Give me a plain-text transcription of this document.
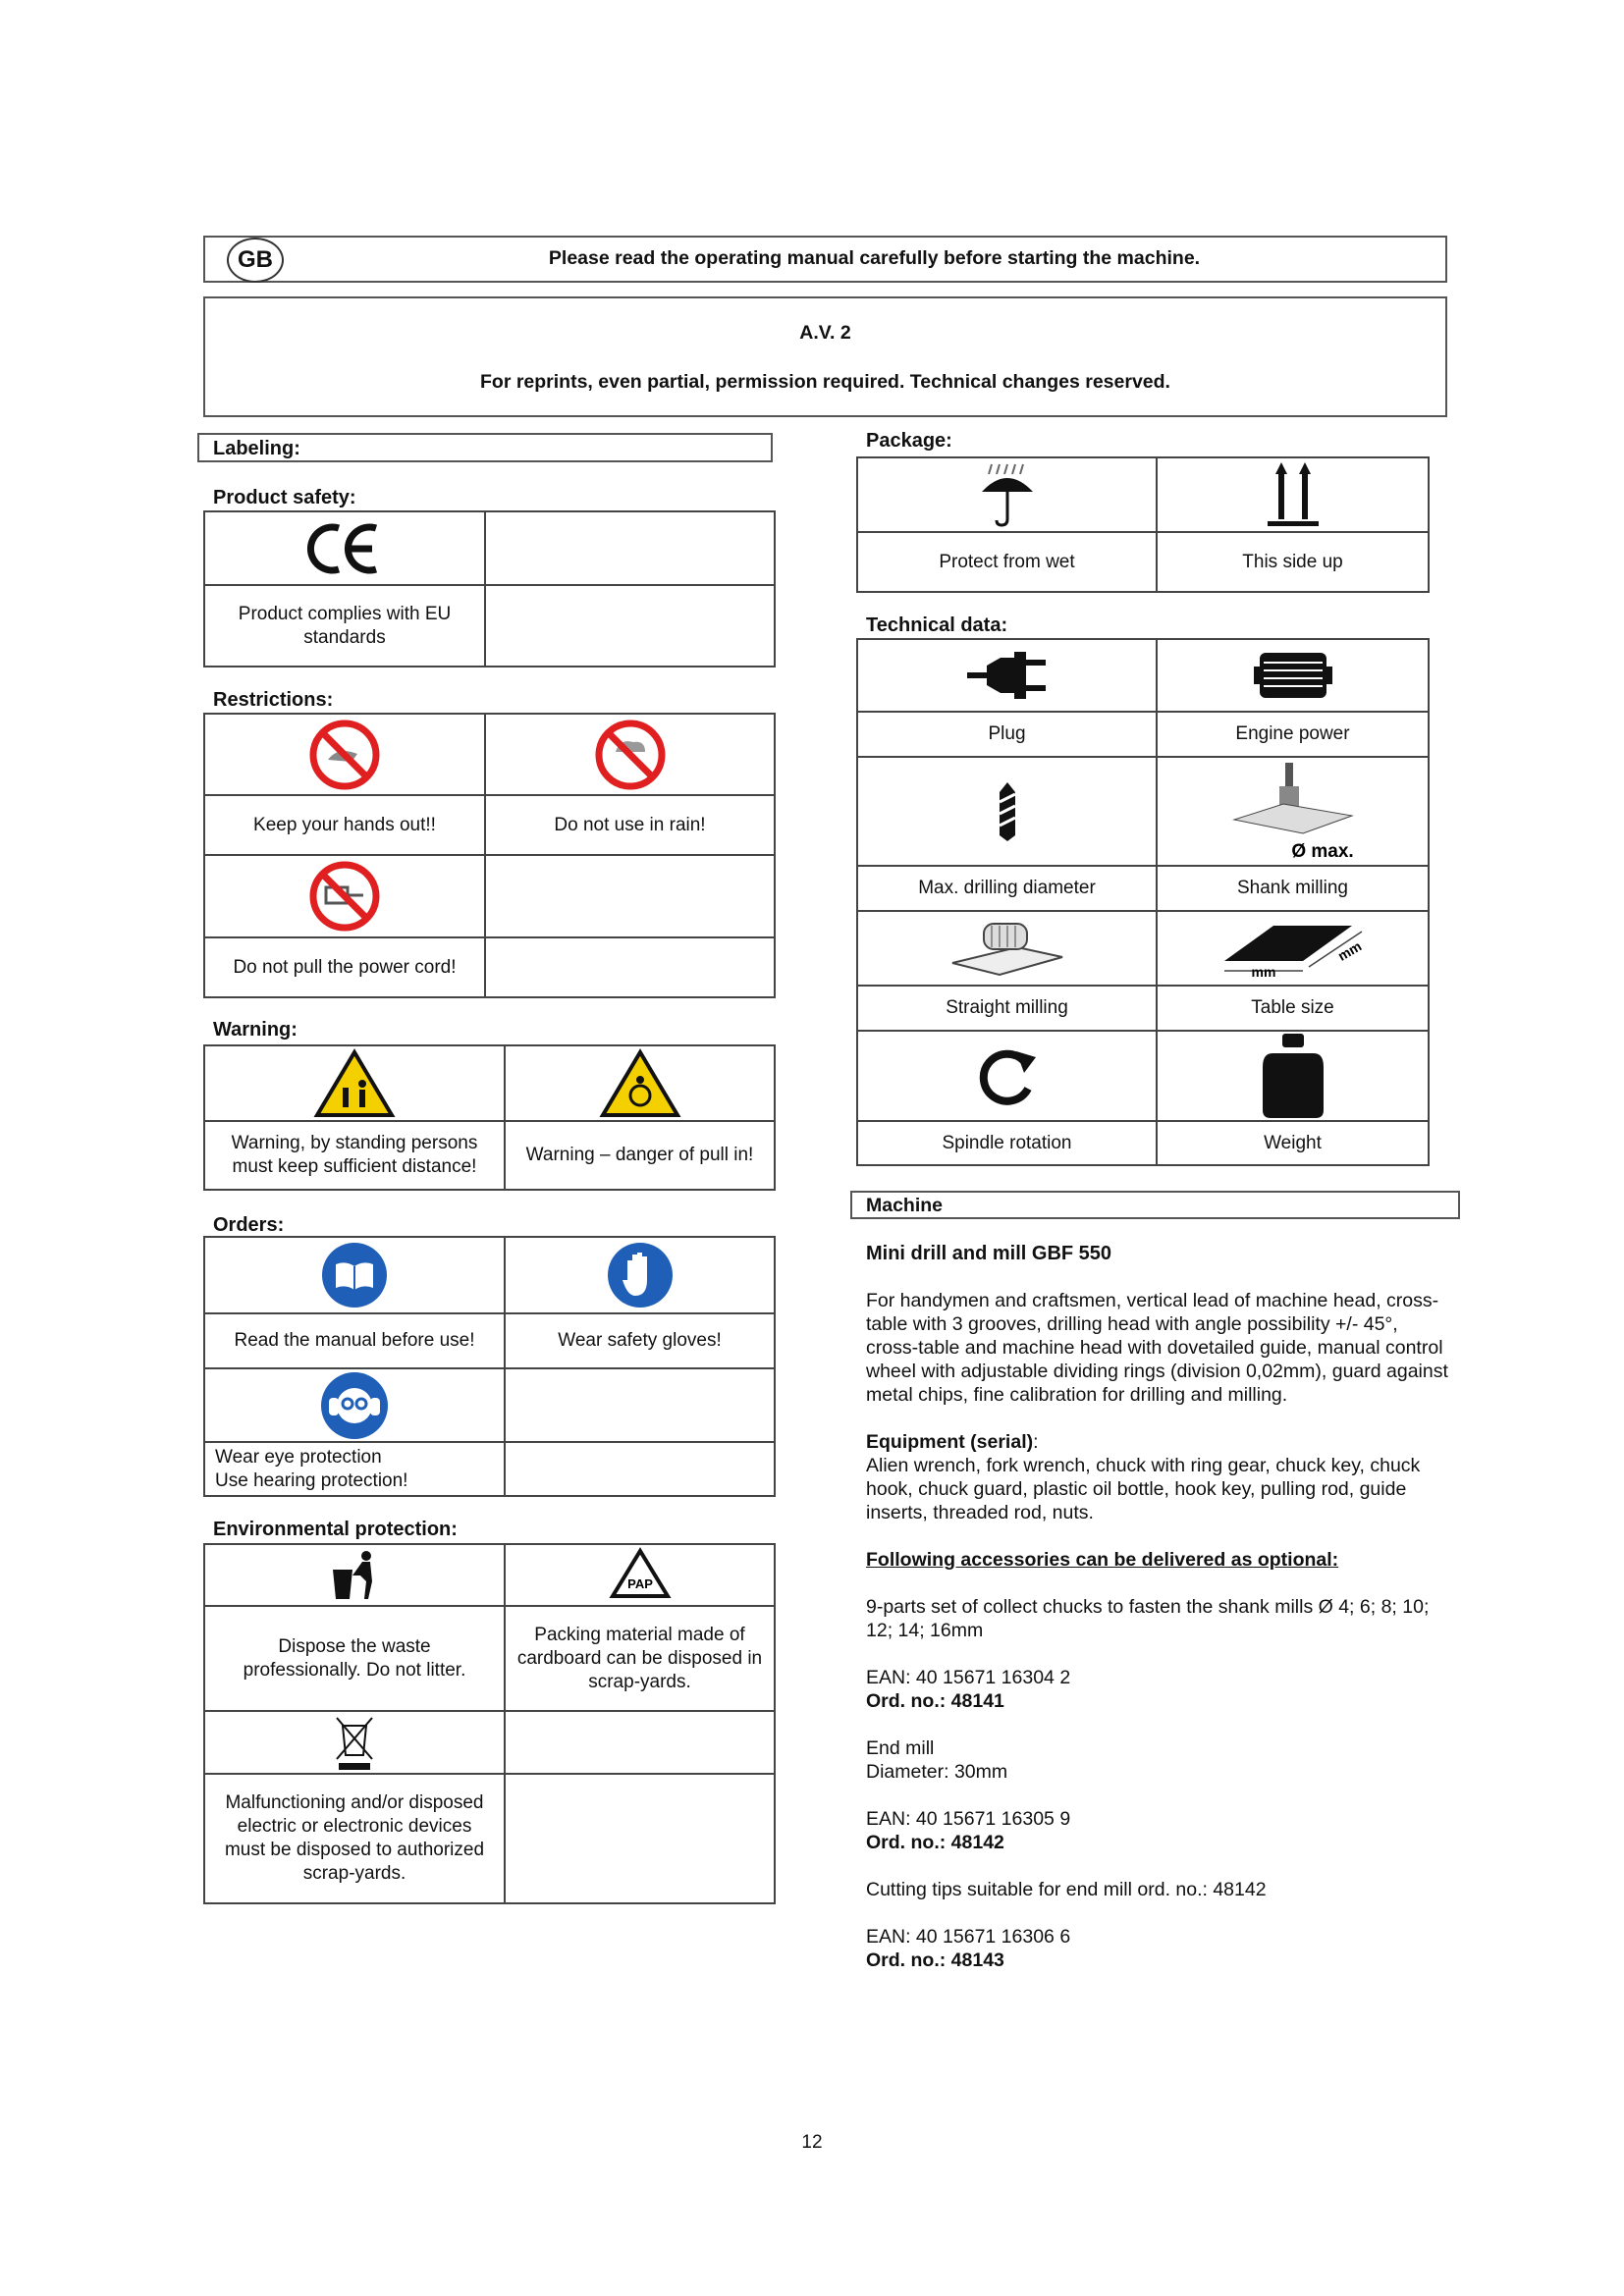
GB	Please read the operating manual carefully before starting the machine.
A.V. 2
For reprints, even partial, permission required. Technical changes reserved.
Labeling:
Product safety:

Product complies with EU standards	
Restrictions:

Keep your hands out!!	Do not use in rain!

Do not pull the power cord!	
Warning:

Warning, by standing persons must keep sufficient distance!	Warning – danger of pull in!
Orders:

Read the manual before use!	Wear safety gloves!

Wear eye protection
Use hearing protection!	

Environmental protection:

PAP

Dispose the waste professionally. Do not litter.	Packing material made of cardboard can be disposed in scrap-yards.

Malfunctioning and/or disposed electric or electronic devices must be disposed to authorized scrap-yards.	
Package:

Protect from wet	This side up
Technical data:

Plug	Engine power

Ø max.

Max. drilling diameter	Shank milling

mm
mm

Straight milling	Table size

Spindle rotation	Weight
Machine

Mini drill and mill GBF 550

For handymen and craftsmen, vertical lead of machine head, cross-table with 3 grooves, drilling head with angle possibility +/- 45°, cross-table and machine head with dovetailed guide, manual control wheel with adjustable dividing rings (division 0,02mm), guard against metal chips, fine calibration for drilling and milling.

Equipment (serial):

Alien wrench, fork wrench, chuck with ring gear, chuck key, chuck hook, chuck guard, plastic oil bottle, hook key, pulling rod, guide inserts, threaded rod, nuts.

Following accessories can be delivered as optional:

9-parts set of collect chucks to fasten the shank mills Ø 4; 6; 8; 10; 12; 14; 16mm

EAN: 40 15671 16304 2
Ord. no.: 48141

End mill
Diameter: 30mm

EAN: 40 15671 16305 9
Ord. no.: 48142

Cutting tips suitable for end mill ord. no.: 48142

EAN: 40 15671 16306 6
Ord. no.: 48143

12
